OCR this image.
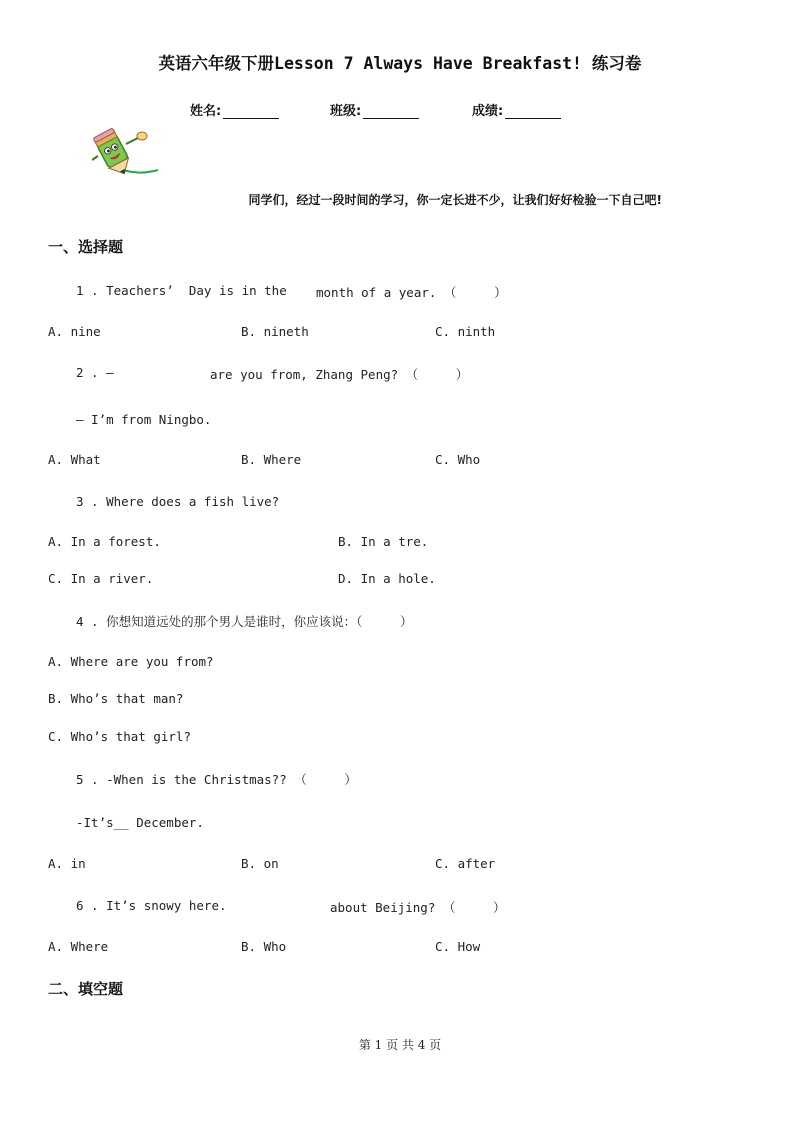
英语六年级下册Lesson 7 Always Have Breakfast! 练习卷
姓名:	班级:	成绩:
同学们，经过一段时间的学习，你一定长进不少，让我们好好检验一下自己吧!
一、选择题
1 . Teachers’  Day is in the month of a year. （     ）
A. nine	B. nineth	C. ninth
2 . —	are you from, Zhang Peng? （     ）
— I’m from Ningbo.
A. What	B. Where	C. Who
3 . Where does a fish live?
A. In a forest.	B. In a tre.
C. In a river.	D. In a hole.
4 . 你想知道远处的那个男人是谁时，你应该说：（     ）
A. Where are you from?
B. Who’s that man?
C. Who’s that girl?
5 . -When is the Christmas?? （     ）
-It’s__ December.
A. in	B. on	C. after
6 . It’s snowy here.	about Beijing? （     ）
A. Where	B. Who	C. How
二、填空题
第 1 页 共 4 页
